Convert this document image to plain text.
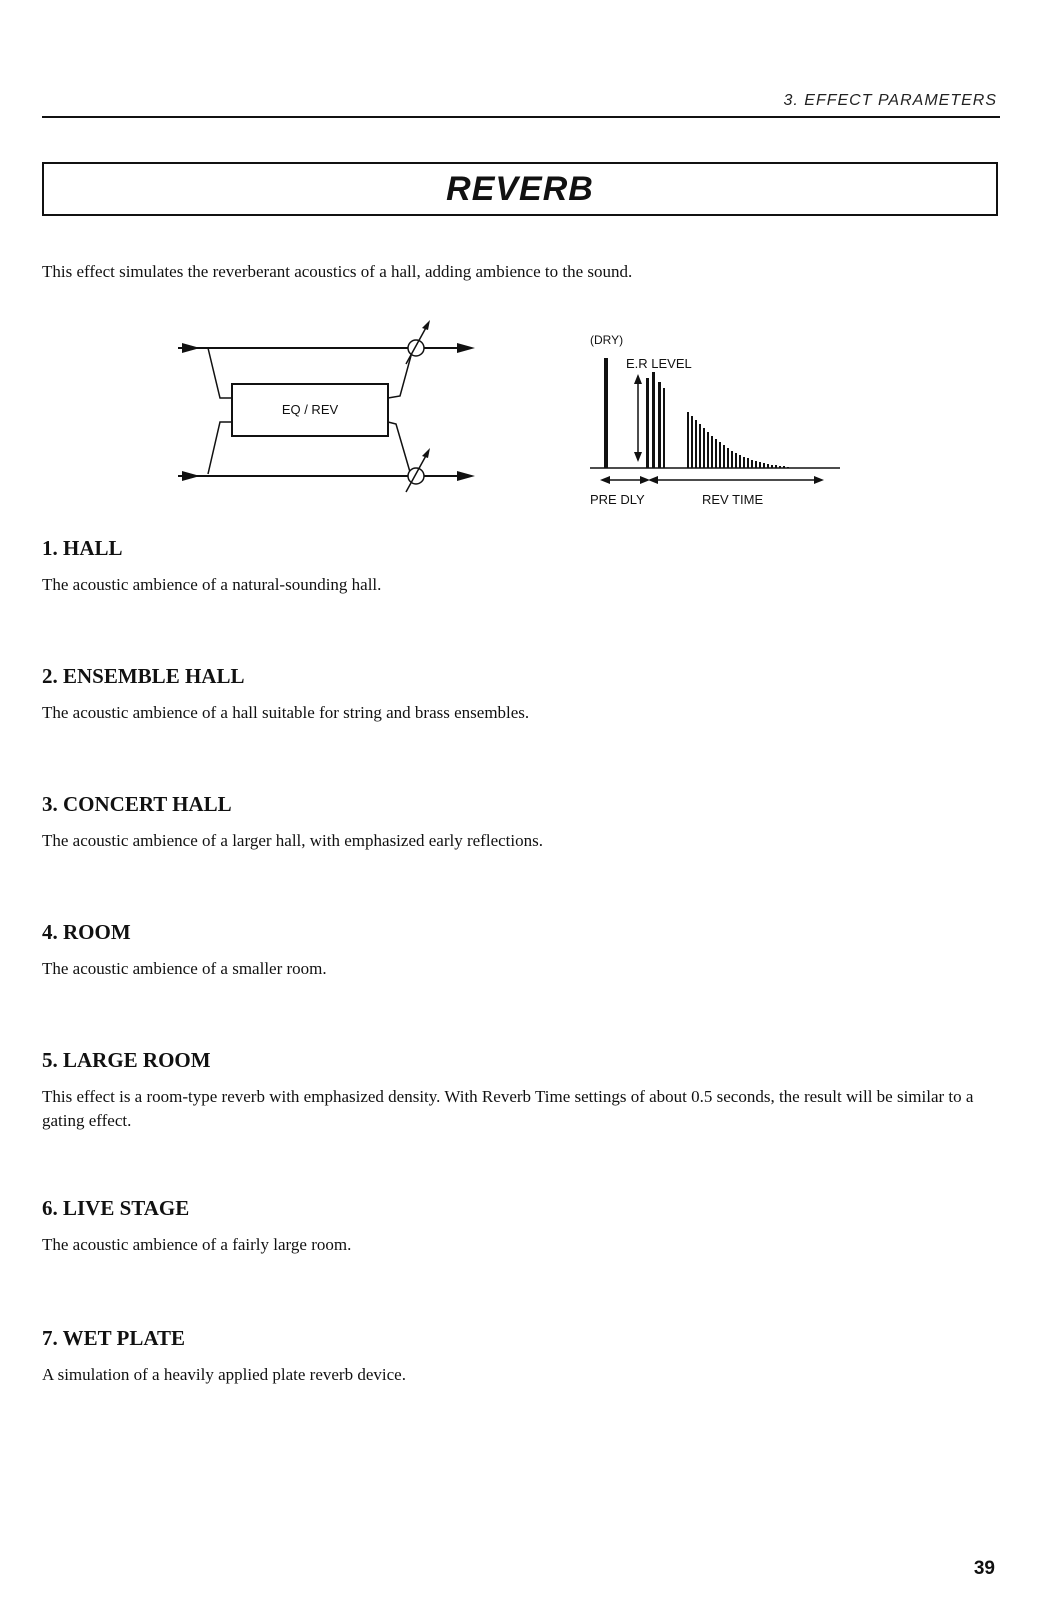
3. EFFECT PARAMETERS
REVERB
This effect simulates the reverberant acoustics of a hall, adding ambience to the sound.
EQ / REV
(DRY)
E.R LEVEL
PRE DLY	REV TIME
1. HALL

The acoustic ambience of a natural-sounding hall.

2. ENSEMBLE HALL

The acoustic ambience of a hall suitable for string and brass ensembles.

3. CONCERT HALL

The acoustic ambience of a larger hall, with emphasized early reflections.

4. ROOM

The acoustic ambience of a smaller room.

5. LARGE ROOM

This effect is a room-type reverb with emphasized density. With Reverb Time settings of about 0.5 seconds, the result will be similar to a gating effect.

6. LIVE STAGE

The acoustic ambience of a fairly large room.

7. WET PLATE

A simulation of a heavily applied plate reverb device.

39
